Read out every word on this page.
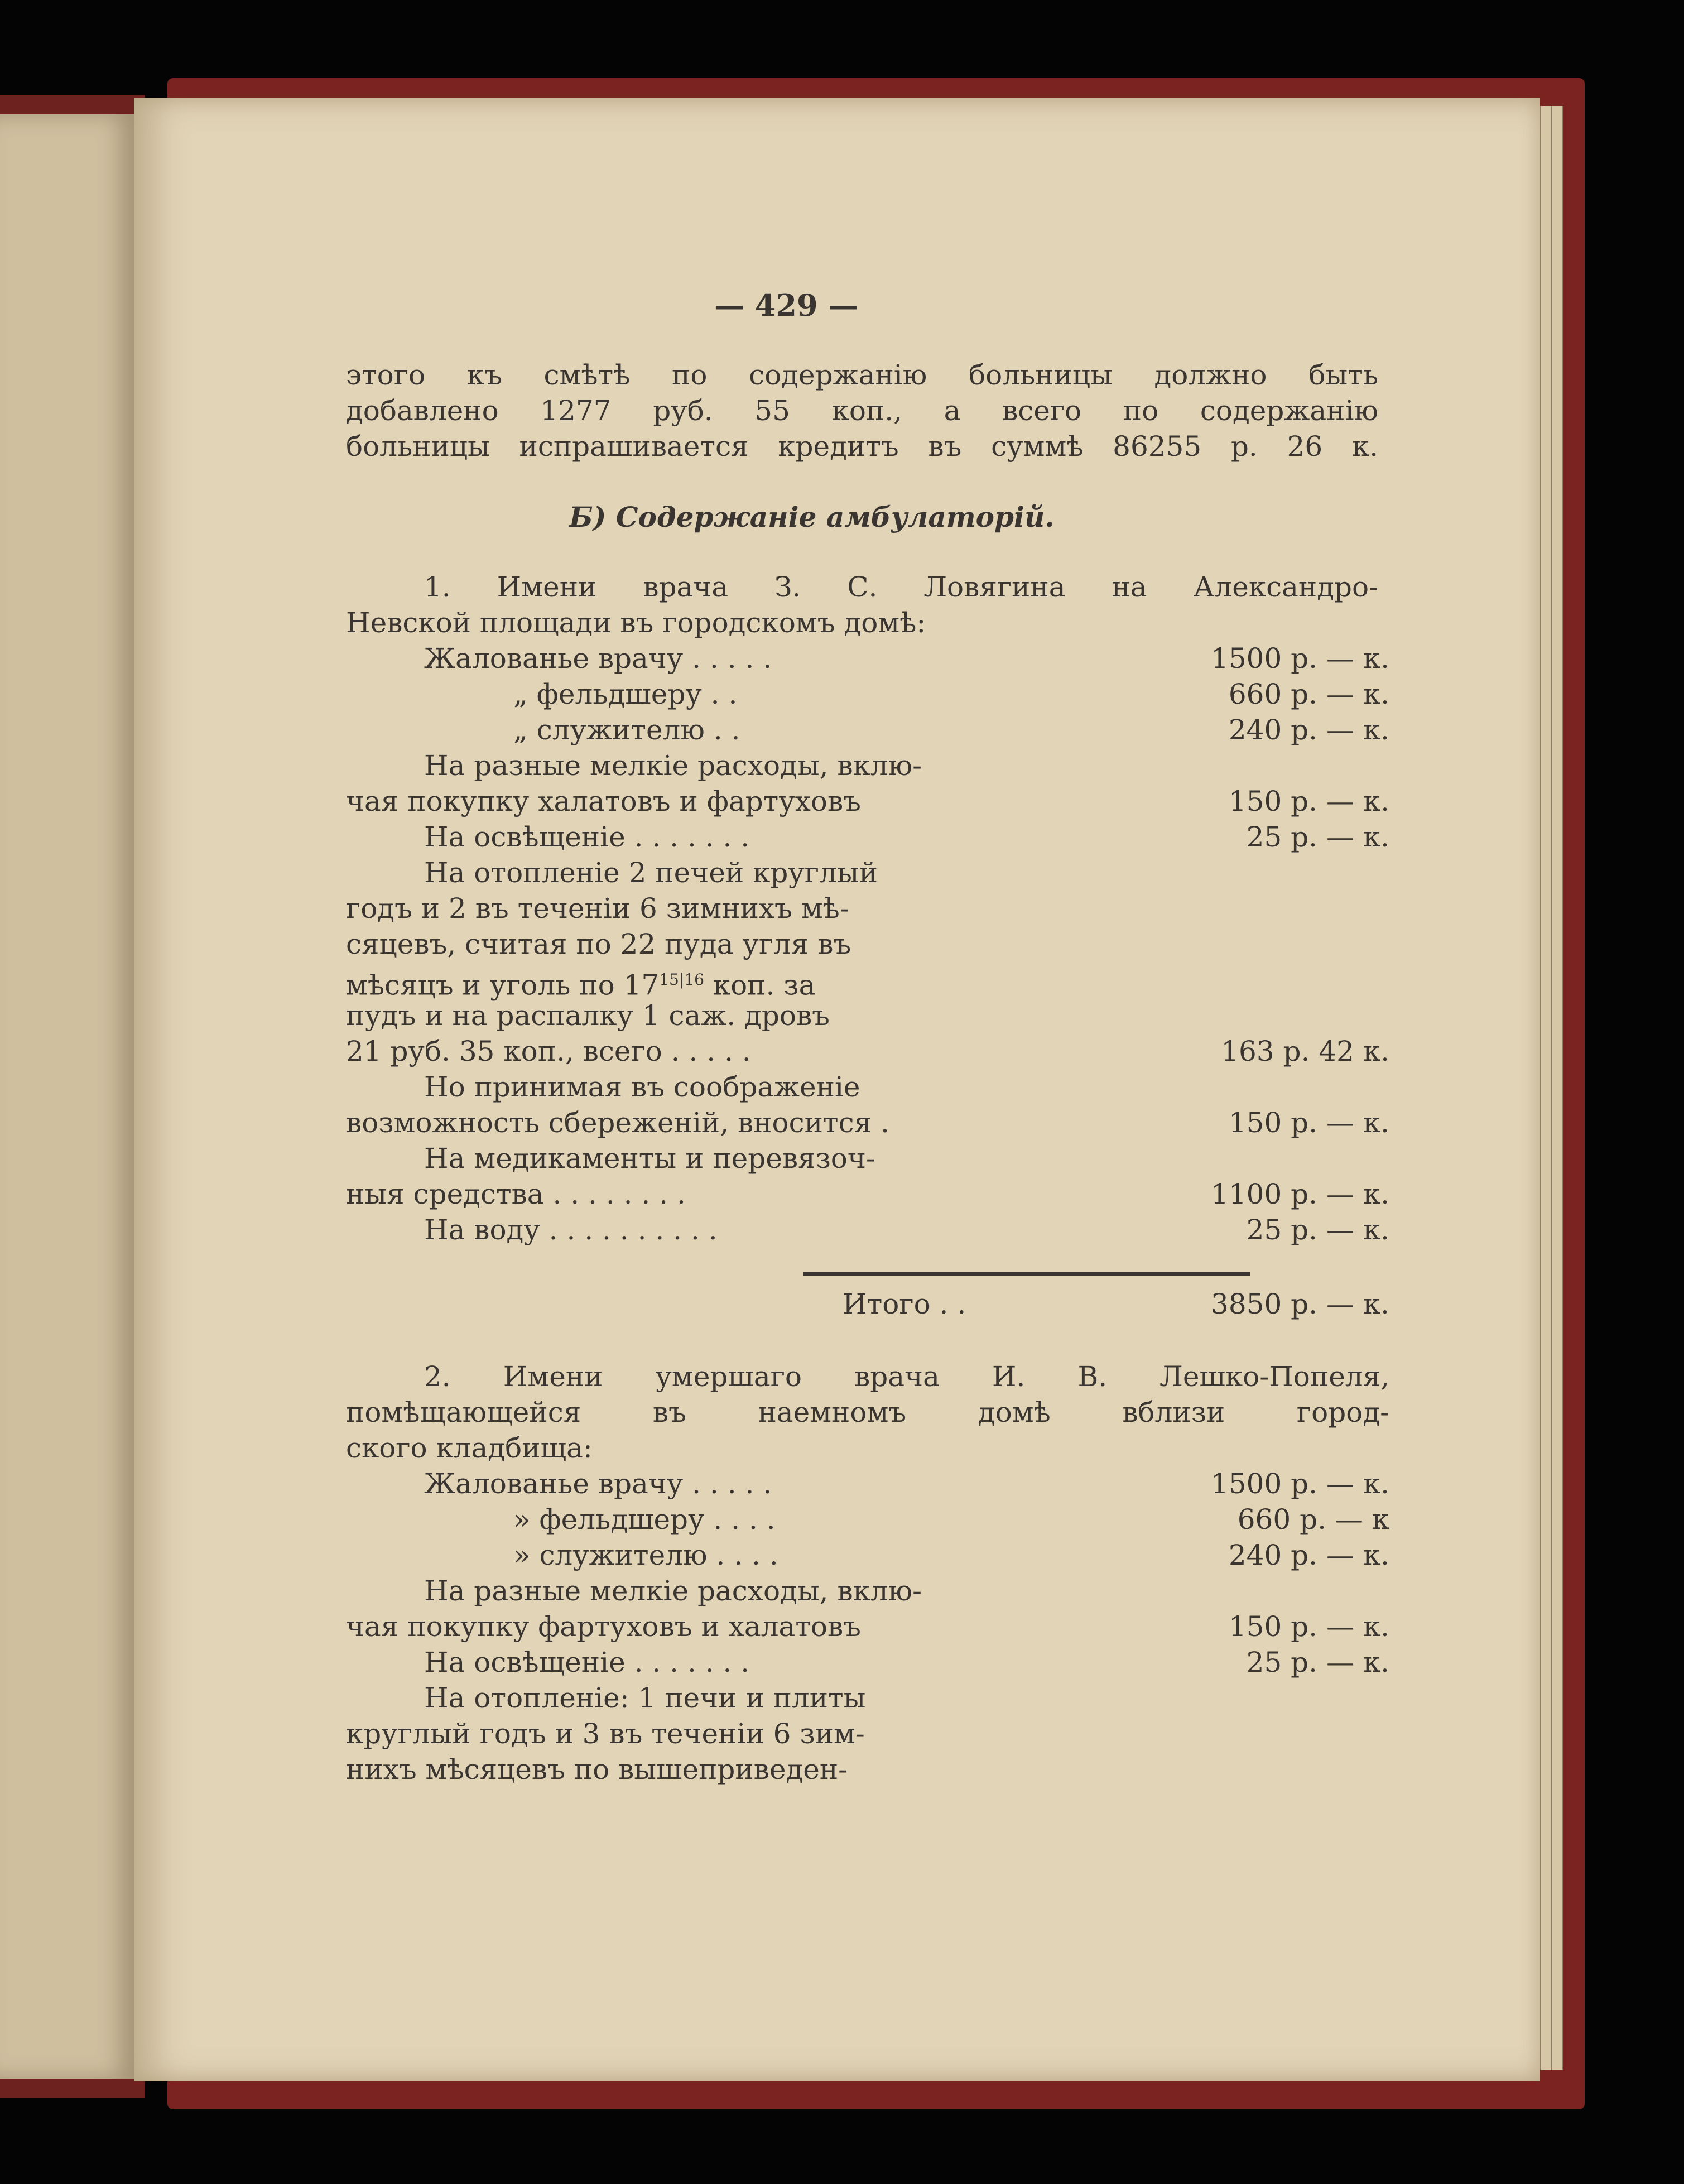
— 429 —
этого къ смѣтѣ по содержанію больницы должно быть
добавлено 1277 руб. 55 коп., а всего по содержанію
больницы испрашивается кредитъ въ суммѣ 86255 р. 26 к.
Б) Содержаніе амбулаторій.
1. Имени врача З. С. Ловягина на Александро-
Невской площади въ городскомъ домѣ:
Жалованье врачу . . . . .	1500 р. — к.
„ фельдшеру . .	660 р. — к.
„ служителю . .	240 р. — к.
На разные мелкіе расходы, вклю-
чая покупку халатовъ и фартуховъ	150 р. — к.
На освѣщеніе . . . . . . .	25 р. — к.
На отопленіе 2 печей круглый
годъ и 2 въ теченіи 6 зимнихъ мѣ-
сяцевъ, считая по 22 пуда угля въ
мѣсяцъ и уголь по $17^{15|16}$ коп. за
пудъ и на распалку 1 саж. дровъ
21 руб. 35 коп., всего . . . . .	163 р. 42 к.
Но принимая въ соображеніе
возможность сбереженій, вносится .	150 р. — к.
На медикаменты и перевязоч-
ныя средства . . . . . . . .	1100 р. — к.
На воду . . . . . . . . . .	25 р. — к.
Итого . .	3850 р. — к.
2. Имени умершаго врача И. В. Лешко-Попеля,
помѣщающейся въ наемномъ домѣ вблизи город-
ского кладбища:
Жалованье врачу . . . . .	1500 р. — к.
» фельдшеру . . . .	660 р. — к
» служителю . . . .	240 р. — к.
На разные мелкіе расходы, вклю-
чая покупку фартуховъ и халатовъ	150 р. — к.
На освѣщеніе . . . . . . .	25 р. — к.
На отопленіе: 1 печи и плиты
круглый годъ и 3 въ теченіи 6 зим-
нихъ мѣсяцевъ по вышеприведен-
